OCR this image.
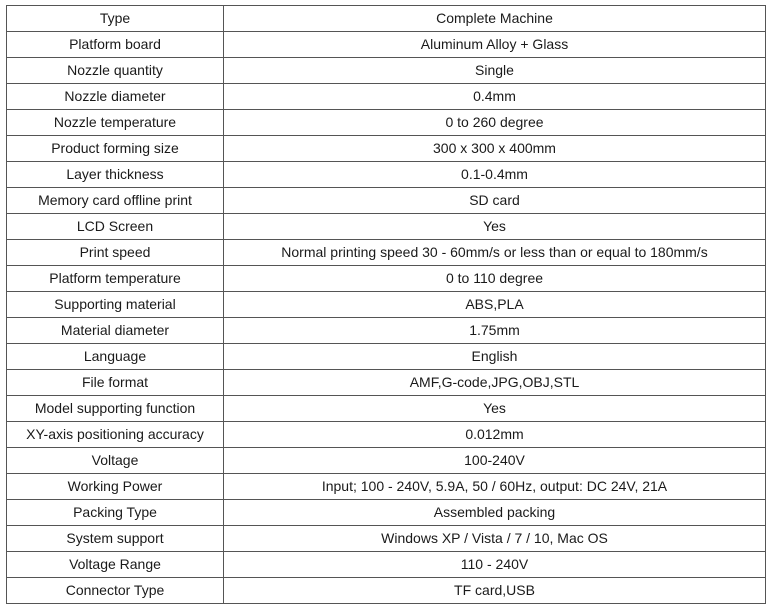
Type	Complete Machine
Platform board	Aluminum Alloy + Glass
Nozzle quantity	Single
Nozzle diameter	0.4mm
Nozzle temperature	0 to 260 degree
Product forming size	300 x 300 x 400mm
Layer thickness	0.1-0.4mm
Memory card offline print	SD card
LCD Screen	Yes
Print speed	Normal printing speed 30 - 60mm/s or less than or equal to 180mm/s
Platform temperature	0 to 110 degree
Supporting material	ABS,PLA
Material diameter	1.75mm
Language	English
File format	AMF,G-code,JPG,OBJ,STL
Model supporting function	Yes
XY-axis positioning accuracy	0.012mm
Voltage	100-240V
Working Power	Input; 100 - 240V, 5.9A, 50 / 60Hz, output: DC 24V, 21A
Packing Type	Assembled packing
System support	Windows XP / Vista / 7 / 10, Mac OS
Voltage Range	110 - 240V
Connector Type	TF card,USB
